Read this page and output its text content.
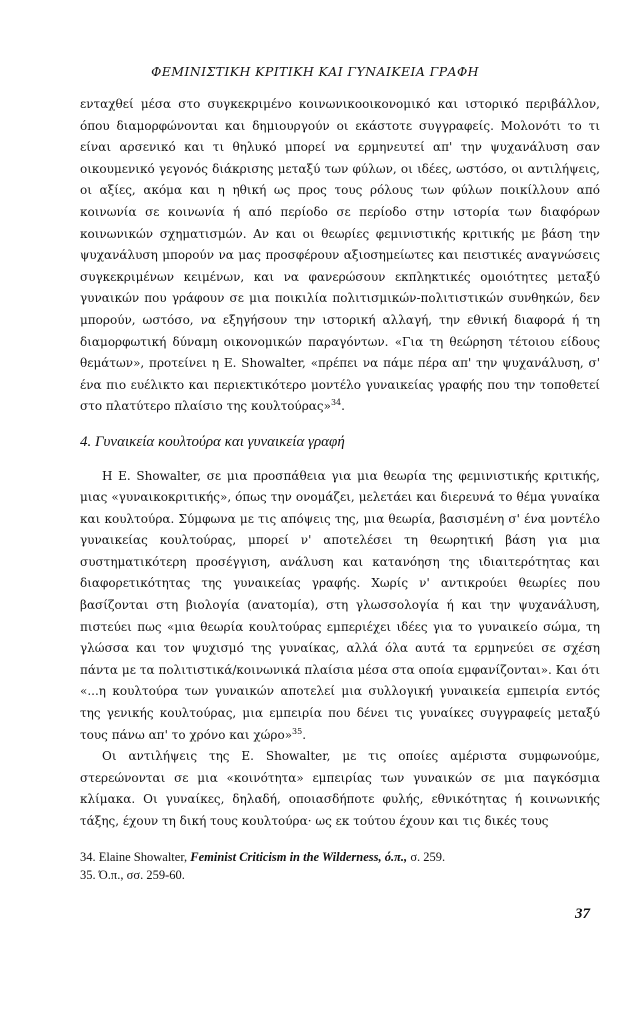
ΦΕΜΙΝΙΣΤΙΚΗ ΚΡΙΤΙΚΗ ΚΑΙ ΓΥΝΑΙΚΕΙΑ ΓΡΑΦΗ

ενταχθεί μέσα στο συγκεκριμένο κοινωνικοοικονομικό και ιστορικό περιβάλλον, όπου διαμορφώνονται και δημιουργούν οι εκάστοτε συγγραφείς. Μολονότι το τι είναι αρσενικό και τι θηλυκό μπορεί να ερμηνευτεί απ' την ψυχανάλυση σαν οικουμενικό γεγονός διάκρισης μεταξύ των φύλων, οι ιδέες, ωστόσο, οι αντιλήψεις, οι αξίες, ακόμα και η ηθική ως προς τους ρόλους των φύλων ποικίλλουν από κοινωνία σε κοινωνία ή από περίοδο σε περίοδο στην ιστορία των διαφόρων κοινωνικών σχηματισμών. Αν και οι θεωρίες φεμινιστικής κριτικής με βάση την ψυχανάλυση μπορούν να μας προσφέρουν αξιοσημείωτες και πειστικές αναγνώσεις συγκεκριμένων κειμένων, και να φανερώσουν εκπληκτικές ομοιότητες μεταξύ γυναικών που γράφουν σε μια ποικιλία πολιτισμικών-πολιτιστικών συνθηκών, δεν μπορούν, ωστόσο, να εξηγήσουν την ιστορική αλλαγή, την εθνική διαφορά ή τη διαμορφωτική δύναμη οικονομικών παραγόντων. «Για τη θεώρηση τέτοιου είδους θεμάτων», προτείνει η E. Showalter, «πρέπει να πάμε πέρα απ' την ψυχανάλυση, σ' ένα πιο ευέλικτο και περιεκτικότερο μοντέλο γυναικείας γραφής που την τοποθετεί στο πλατύτερο πλαίσιο της κουλτούρας»$^{34}$.

4. Γυναικεία κουλτούρα και γυναικεία γραφή

Η E. Showalter, σε μια προσπάθεια για μια θεωρία της φεμινιστικής κριτικής, μιας «γυναικοκριτικής», όπως την ονομάζει, μελετάει και διερευνά το θέμα γυναίκα και κουλτούρα. Σύμφωνα με τις απόψεις της, μια θεωρία, βασισμένη σ' ένα μοντέλο γυναικείας κουλτούρας, μπορεί ν' αποτελέσει τη θεωρητική βάση για μια συστηματικότερη προσέγγιση, ανάλυση και κατανόηση της ιδιαιτερότητας και διαφορετικότητας της γυναικείας γραφής. Χωρίς ν' αντικρούει θεωρίες που βασίζονται στη βιολογία (ανατομία), στη γλωσσολογία ή και την ψυχανάλυση, πιστεύει πως «μια θεωρία κουλτούρας εμπεριέχει ιδέες για το γυναικείο σώμα, τη γλώσσα και τον ψυχισμό της γυναίκας, αλλά όλα αυτά τα ερμηνεύει σε σχέση πάντα με τα πολιτιστικά/κοινωνικά πλαίσια μέσα στα οποία εμφανίζονται». Και ότι «...η κουλτούρα των γυναικών αποτελεί μια συλλογική γυναικεία εμπειρία εντός της γενικής κουλτούρας, μια εμπειρία που δένει τις γυναίκες συγγραφείς μεταξύ τους πάνω απ' το χρόνο και χώρο»$^{35}$.

Οι αντιλήψεις της E. Showalter, με τις οποίες αμέριστα συμφωνούμε, στερεώνονται σε μια «κοινότητα» εμπειρίας των γυναικών σε μια παγκόσμια κλίμακα. Οι γυναίκες, δηλαδή, οποιασδήποτε φυλής, εθνικότητας ή κοινωνικής τάξης, έχουν τη δική τους κουλτούρα· ως εκ τούτου έχουν και τις δικές τους

34. Elaine Showalter, Feminist Criticism in the Wilderness, ό.π., σ. 259.
35. Ό.π., σσ. 259-60.
37
